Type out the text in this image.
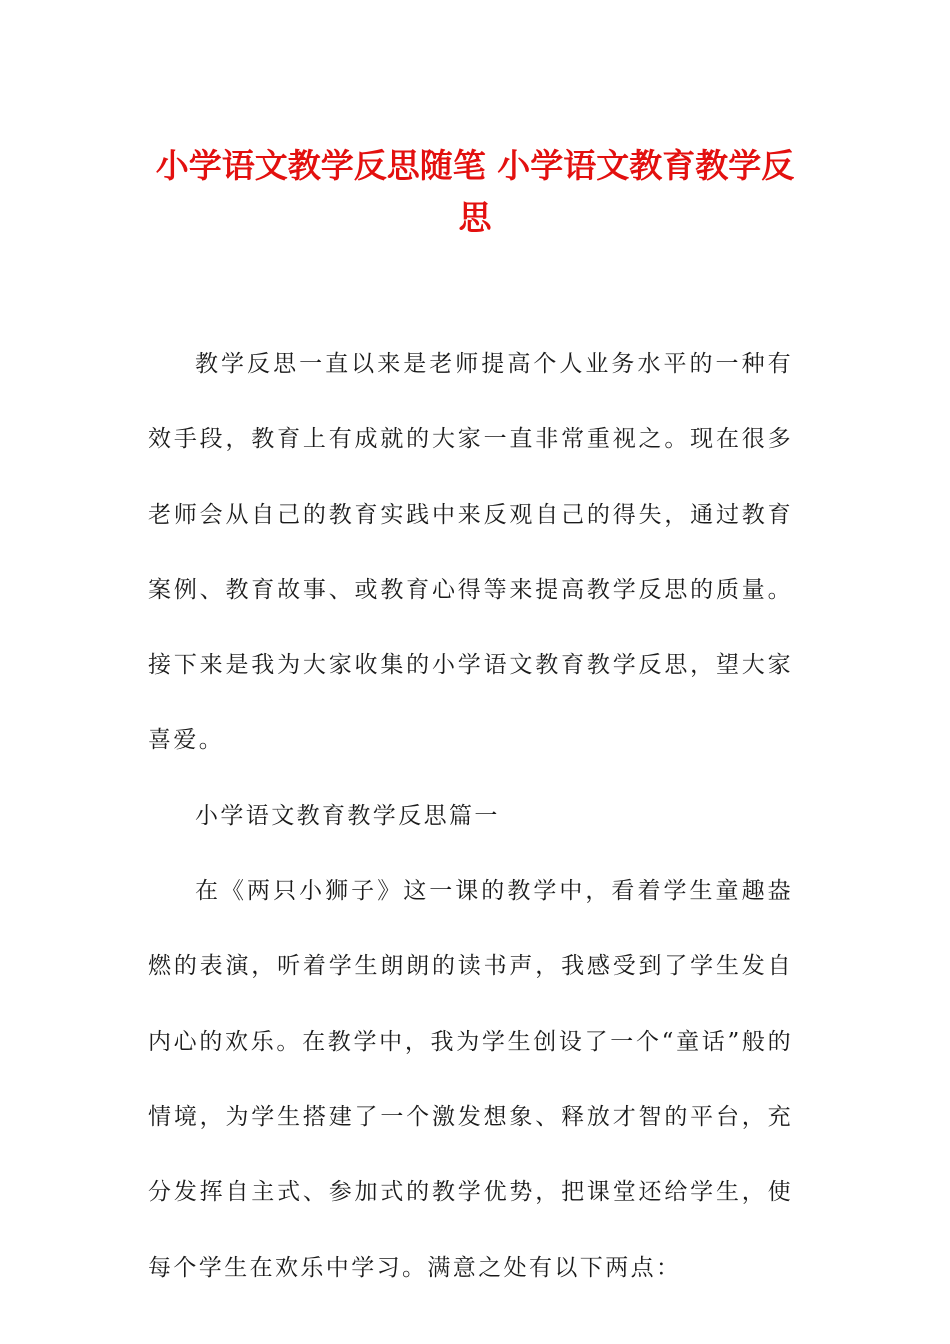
小学语文教学反思随笔 小学语文教育教学反思

教学反思一直以来是老师提高个人业务水平的一种有效手段，教育上有成就的大家一直非常重视之。现在很多老师会从自己的教育实践中来反观自己的得失，通过教育案例、教育故事、或教育心得等来提高教学反思的质量。接下来是我为大家收集的小学语文教育教学反思，望大家喜爱。

小学语文教育教学反思篇一

在《两只小狮子》这一课的教学中，看着学生童趣盎燃的表演，听着学生朗朗的读书声，我感受到了学生发自内心的欢乐。在教学中，我为学生创设了一个“童话”般的情境，为学生搭建了一个激发想象、释放才智的平台，充分发挥自主式、参加式的教学优势，把课堂还给学生，使每个学生在欢乐中学习。满意之处有以下两点：
